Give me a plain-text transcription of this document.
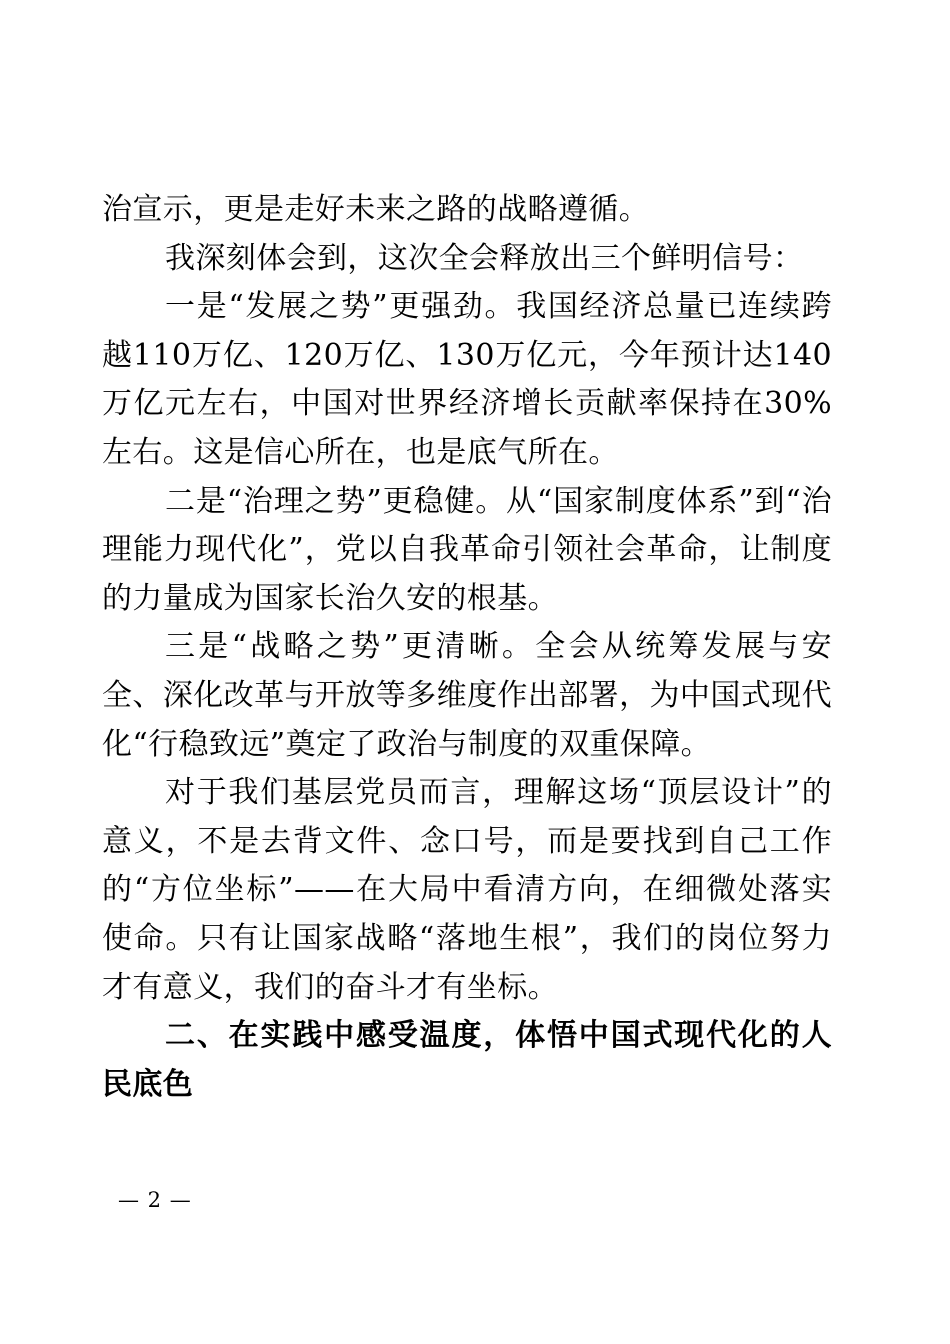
治宣示，更是走好未来之路的战略遵循。

我深刻体会到，这次全会释放出三个鲜明信号：

一是“发展之势”更强劲。我国经济总量已连续跨越110万亿、120万亿、130万亿元，今年预计达140万亿元左右，中国对世界经济增长贡献率保持在30%左右。这是信心所在，也是底气所在。

二是“治理之势”更稳健。从“国家制度体系”到“治理能力现代化”，党以自我革命引领社会革命，让制度的力量成为国家长治久安的根基。

三是“战略之势”更清晰。全会从统筹发展与安全、深化改革与开放等多维度作出部署，为中国式现代化“行稳致远”奠定了政治与制度的双重保障。

对于我们基层党员而言，理解这场“顶层设计”的意义，不是去背文件、念口号，而是要找到自己工作的“方位坐标”——在大局中看清方向，在细微处落实使命。只有让国家战略“落地生根”，我们的岗位努力才有意义，我们的奋斗才有坐标。

二、在实践中感受温度，体悟中国式现代化的人民底色

— 2 —
